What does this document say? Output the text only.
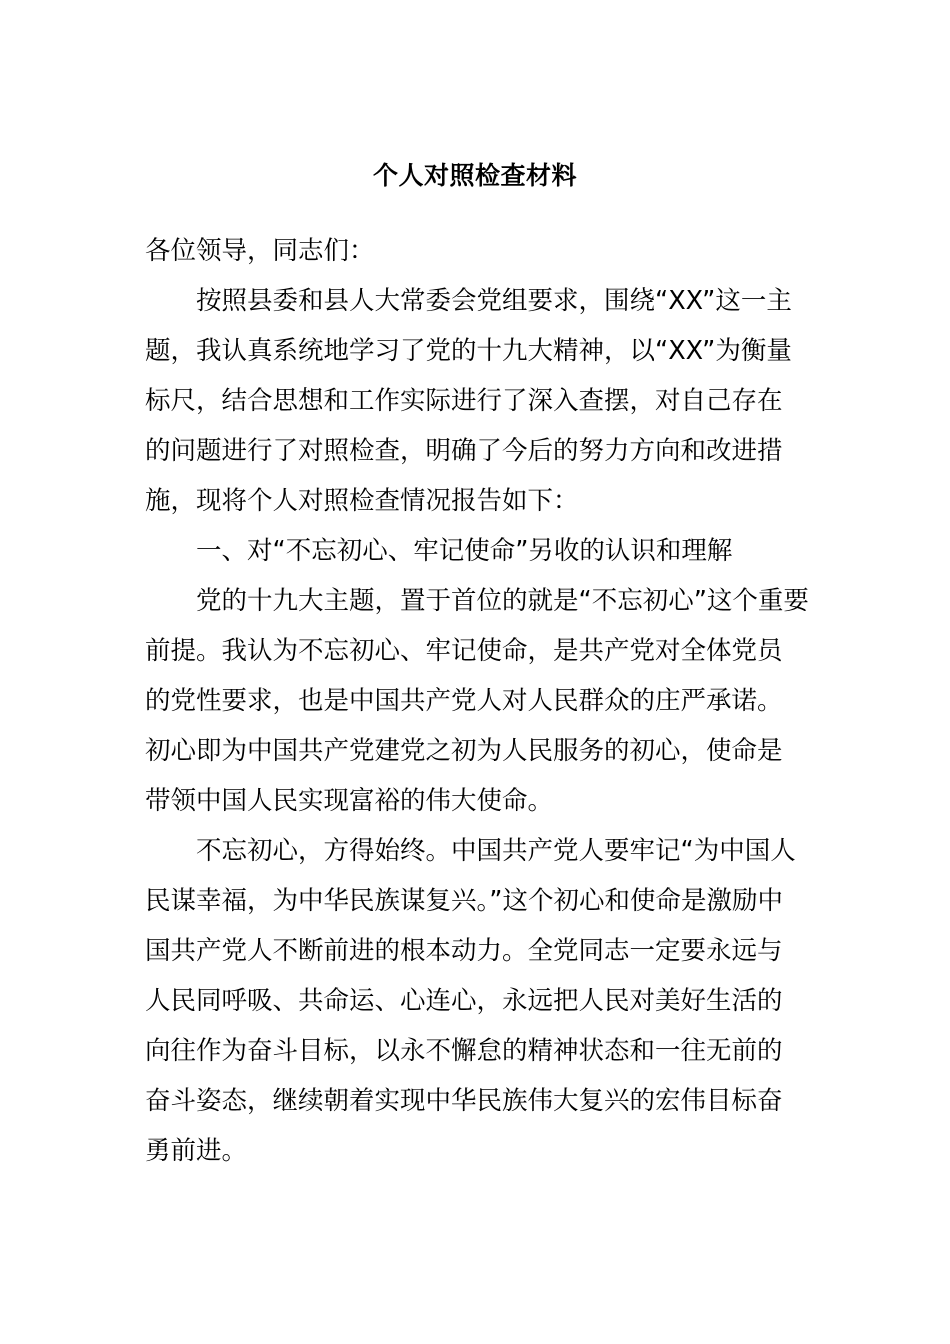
个人对照检查材料
各位领导，同志们：
按照县委和县人大常委会党组要求，围绕“XX”这一主
题，我认真系统地学习了党的十九大精神，以“XX”为衡量
标尺，结合思想和工作实际进行了深入查摆，对自己存在
的问题进行了对照检查，明确了今后的努力方向和改进措
施，现将个人对照检查情况报告如下：
一、对“不忘初心、牢记使命”另收的认识和理解
党的十九大主题，置于首位的就是“不忘初心”这个重要
前提。我认为不忘初心、牢记使命，是共产党对全体党员
的党性要求，也是中国共产党人对人民群众的庄严承诺。
初心即为中国共产党建党之初为人民服务的初心，使命是
带领中国人民实现富裕的伟大使命。
不忘初心，方得始终。中国共产党人要牢记“为中国人
民谋幸福，为中华民族谋复兴。”这个初心和使命是激励中
国共产党人不断前进的根本动力。全党同志一定要永远与
人民同呼吸、共命运、心连心，永远把人民对美好生活的
向往作为奋斗目标，以永不懈怠的精神状态和一往无前的
奋斗姿态，继续朝着实现中华民族伟大复兴的宏伟目标奋
勇前进。
